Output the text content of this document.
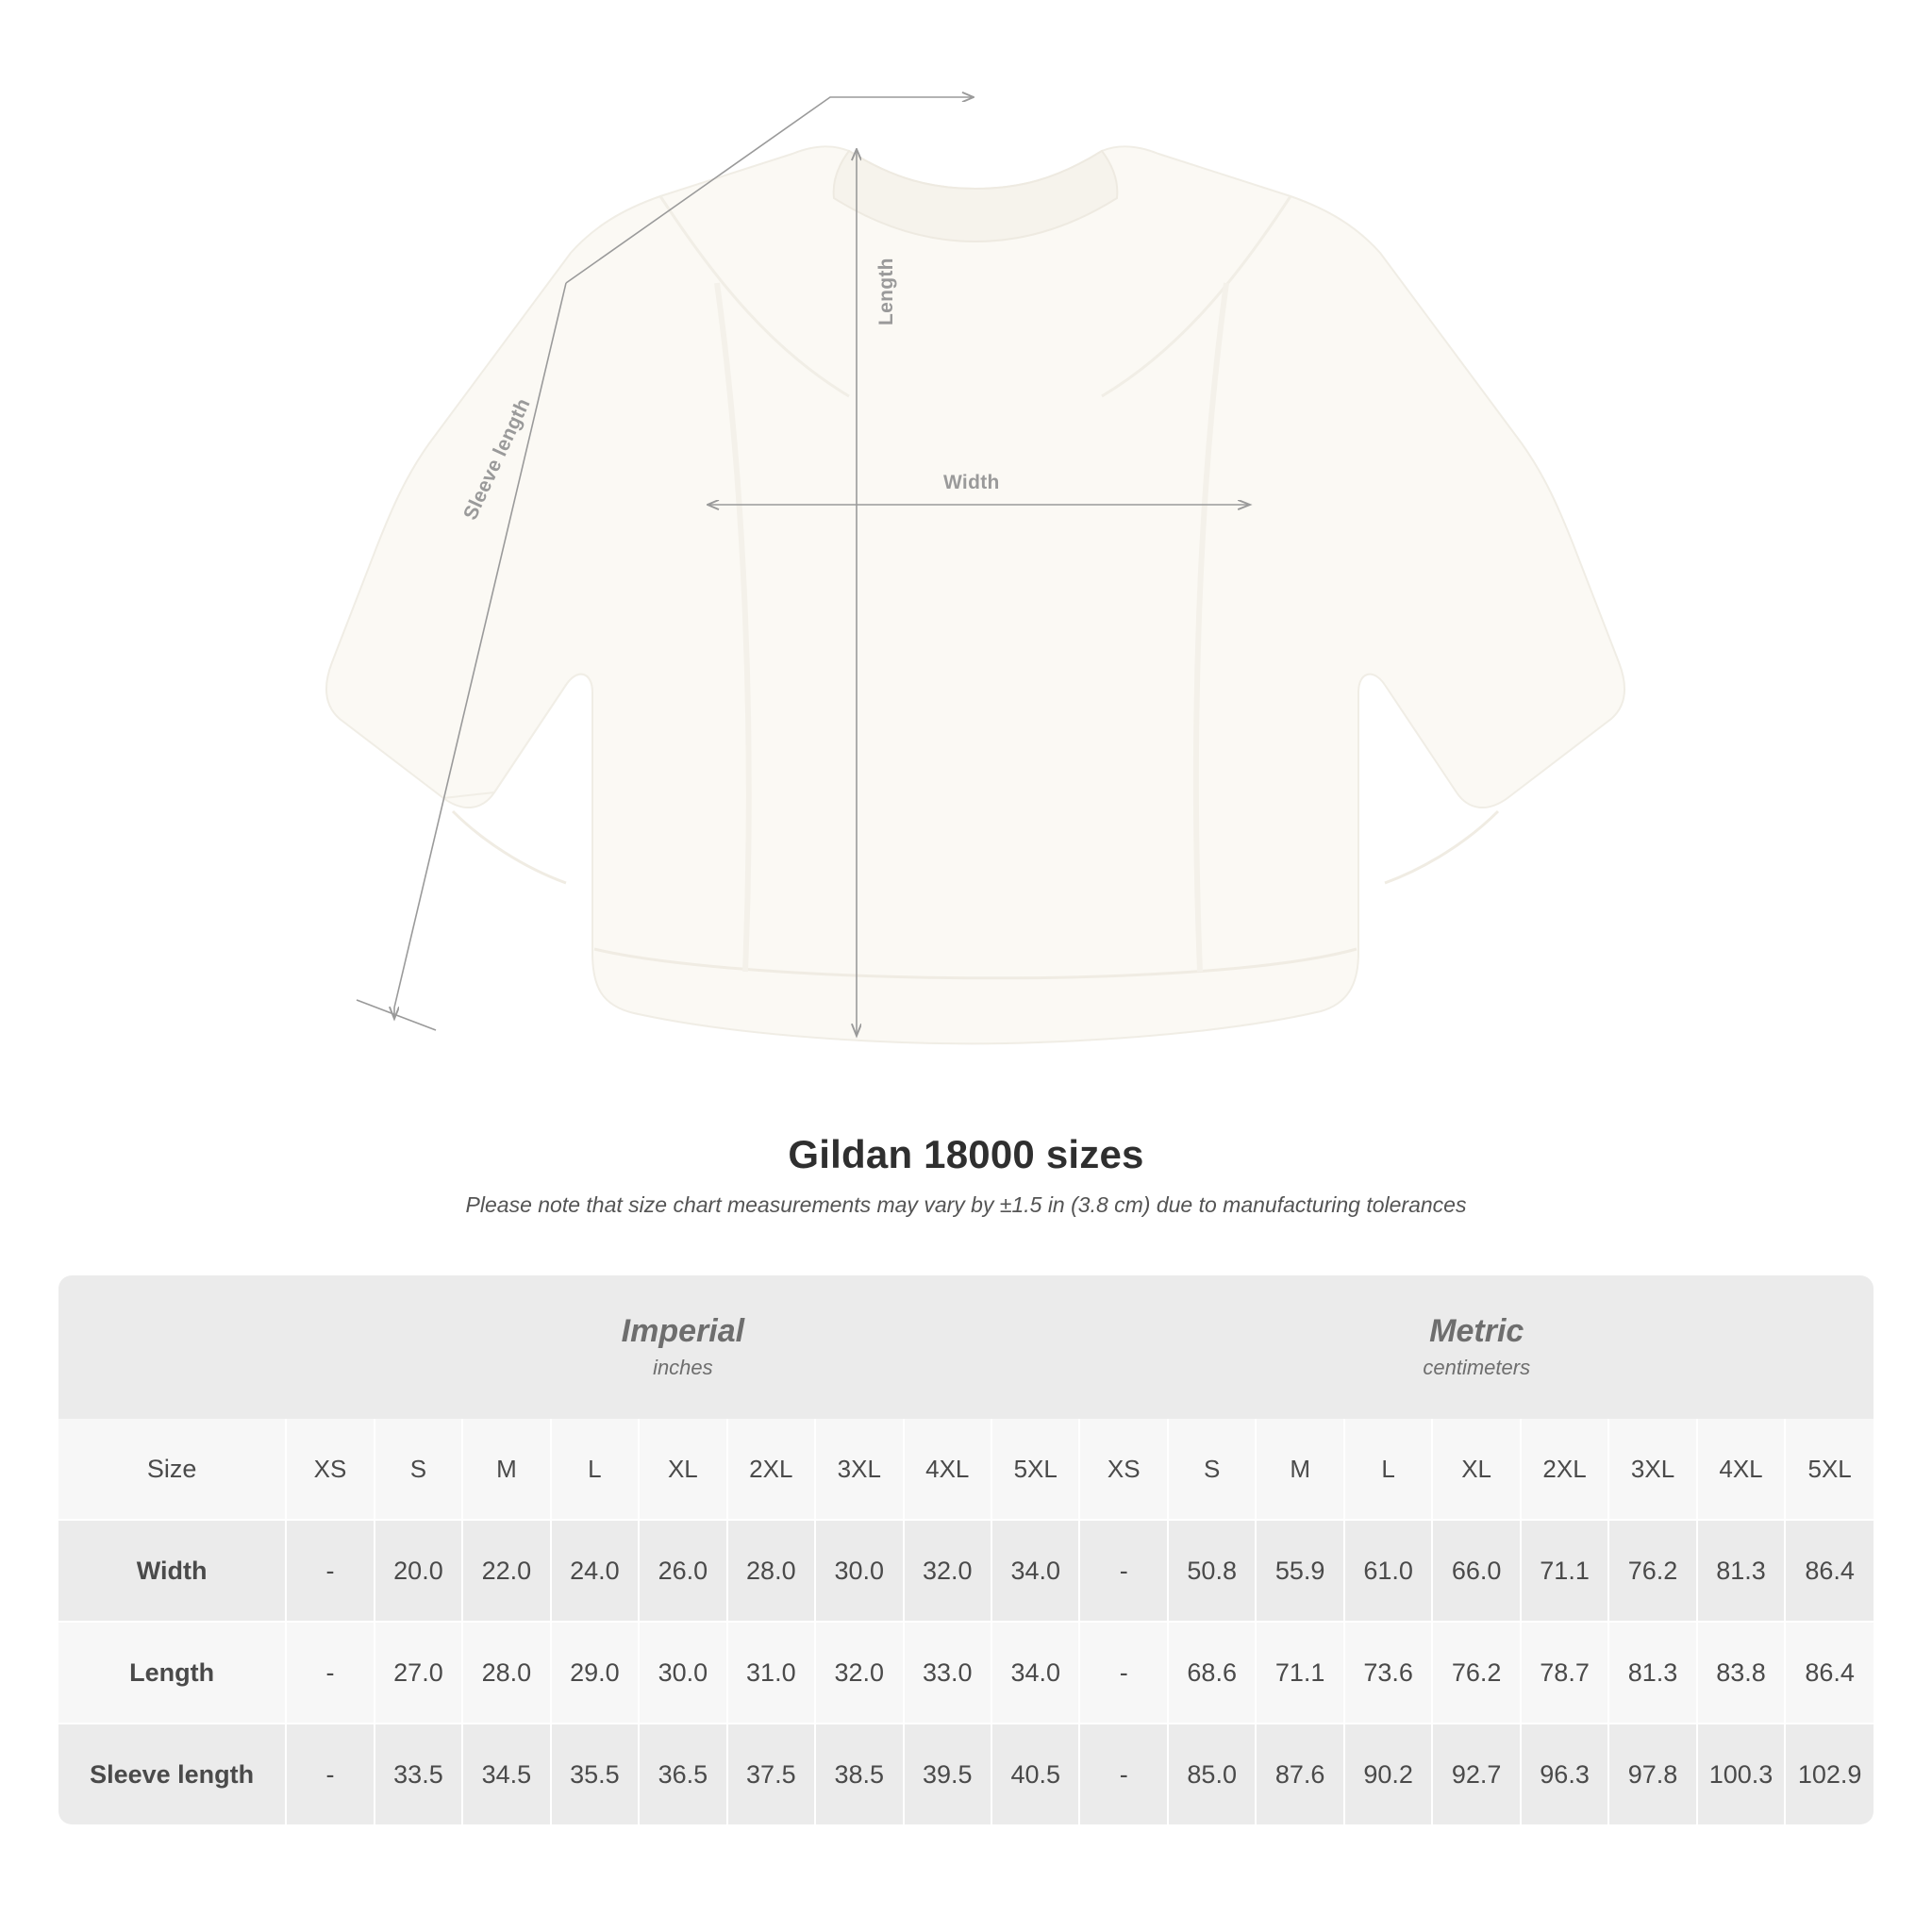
Length
Width
Sleeve length
Gildan 18000 sizes

Please note that size chart measurements may vary by ±1.5 in (3.8 cm) due to manufacturing tolerances

Imperial
inches

Metric
centimeters

Size	XS	S	M	L	XL	2XL	3XL	4XL	5XL	XS	S	M	L	XL	2XL	3XL	4XL	5XL
Width	-	20.0	22.0	24.0	26.0	28.0	30.0	32.0	34.0	-	50.8	55.9	61.0	66.0	71.1	76.2	81.3	86.4
Length	-	27.0	28.0	29.0	30.0	31.0	32.0	33.0	34.0	-	68.6	71.1	73.6	76.2	78.7	81.3	83.8	86.4
Sleeve length	-	33.5	34.5	35.5	36.5	37.5	38.5	39.5	40.5	-	85.0	87.6	90.2	92.7	96.3	97.8	100.3	102.9
